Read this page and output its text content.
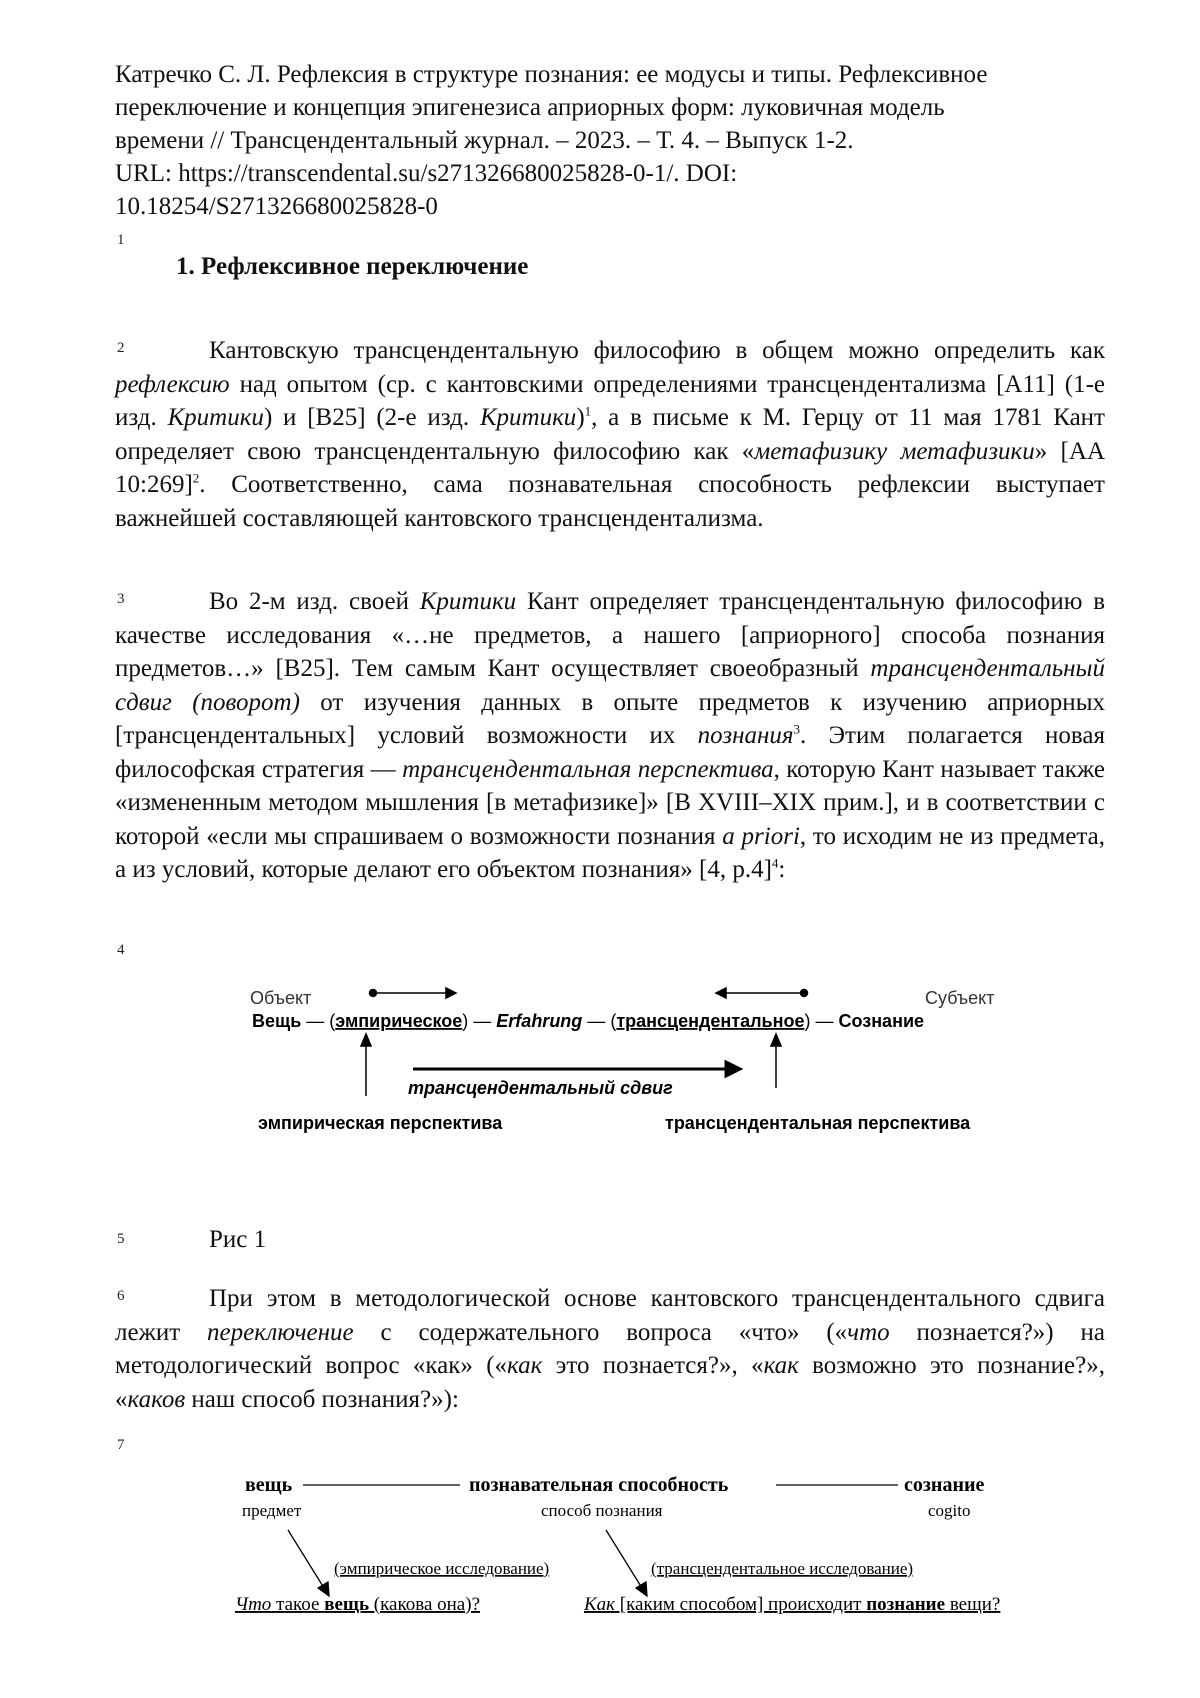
Катречко С. Л. Рефлексия в структуре познания: ее модусы и типы. Рефлексивное
переключение и концепция эпигенезиса априорных форм: луковичная модель
времени // Трансцендентальный журнал. – 2023. – Т. 4. – Выпуск 1-2.
URL: https://transcendental.su/s271326680025828-0-1/. DOI:
10.18254/S271326680025828-0
1
2
3
4
5
6
7
1. Рефлексивное переключение

Кантовскую трансцендентальную философию в общем можно определить как рефлексию над опытом (ср. с кантовскими определениями трансцендентализма [A11] (1-е изд. Критики) и [B25] (2-е изд. Критики)$^1$, а в письме к М. Герцу от 11 мая 1781 Кант определяет свою трансцендентальную философию как «метафизику метафизики» [AA 10:269]$^2$. Соответственно, сама познавательная способность рефлексии выступает важнейшей составляющей кантовского трансцендентализма.

Во 2-м изд. своей Критики Кант определяет трансцендентальную философию в качестве исследования «…не предметов, а нашего [априорного] способа познания предметов…» [B25]. Тем самым Кант осуществляет своеобразный трансцендентальный сдвиг (поворот) от изучения данных в опыте предметов к изучению априорных [трансцендентальных] условий возможности их познания$^3$. Этим полагается новая философская стратегия — трансцендентальная перспектива, которую Кант называет также «измененным методом мышления [в метафизике]» [B XVIII–XIX прим.], и в соответствии с которой «если мы спрашиваем о возможности познания a priori, то исходим не из предмета, а из условий, которые делают его объектом познания» [4, p.4]$^4$:

Объект	Субъект
Вещь — (эмпирическое) — Erfahrung — (трансцендентальное) — Сознание
трансцендентальный сдвиг
эмпирическая перспектива	трансцендентальная перспектива
Рис 1

При этом в методологической основе кантовского трансцендентального сдвига лежит переключение с содержательного вопроса «что» («что познается?») на методологический вопрос «как» («как это познается?», «как возможно это познание?», «каков наш способ познания?»):

вещь	познавательная способность	сознание
предмет	способ познания	cogito
(эмпирическое исследование)	(трансцендентальное исследование)
Что такое вещь (какова она)?	Как [каким способом] происходит познание вещи?
